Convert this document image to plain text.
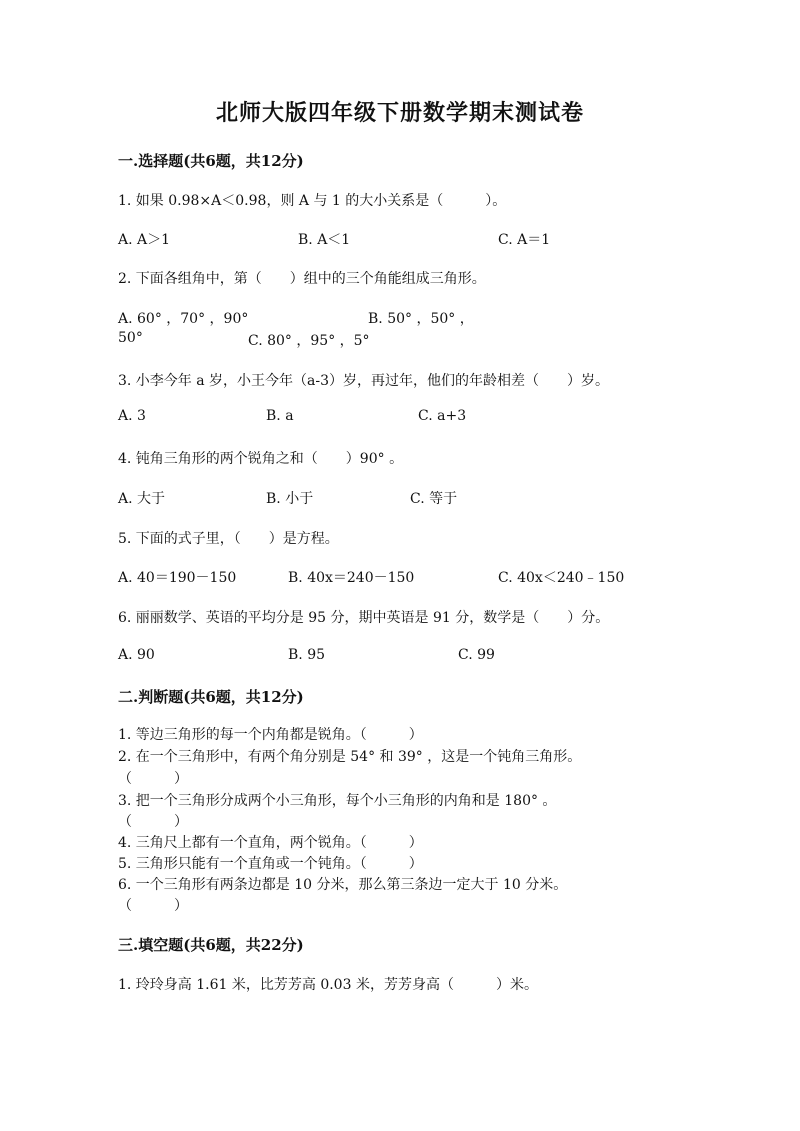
北师大版四年级下册数学期末测试卷
一.选择题(共6题，共12分)
1. 如果 0.98×A＜0.98，则 A 与 1 的大小关系是（　　　）。
A. A＞1	B. A＜1	C. A＝1
2. 下面各组角中，第（　　）组中的三个角能组成三角形。
A. 60° ，70° ，90°	B. 50° ，50° ，
50°	C. 80° ，95° ，5°
3. 小李今年 a 岁，小王今年（a-3）岁，再过年，他们的年龄相差（　　）岁。
A. 3	B. a	C. a+3
4. 钝角三角形的两个锐角之和（　　）90° 。
A. 大于	B. 小于	C. 等于
5. 下面的式子里，（　　）是方程。
A. 40＝190－150	B. 40x＝240－150	C. 40x＜240﹣150
6. 丽丽数学、英语的平均分是 95 分，期中英语是 91 分，数学是（　　）分。
A. 90	B. 95	C. 99
二.判断题(共6题，共12分)
1. 等边三角形的每一个内角都是锐角。（　　　）
2. 在一个三角形中，有两个角分别是 54° 和 39° ，这是一个钝角三角形。
（　　　）
3. 把一个三角形分成两个小三角形，每个小三角形的内角和是 180° 。
（　　　）
4. 三角尺上都有一个直角，两个锐角。（　　　）
5. 三角形只能有一个直角或一个钝角。（　　　）
6. 一个三角形有两条边都是 10 分米，那么第三条边一定大于 10 分米。
（　　　）
三.填空题(共6题，共22分)
1. 玲玲身高 1.61 米，比芳芳高 0.03 米，芳芳身高（　　　）米。
